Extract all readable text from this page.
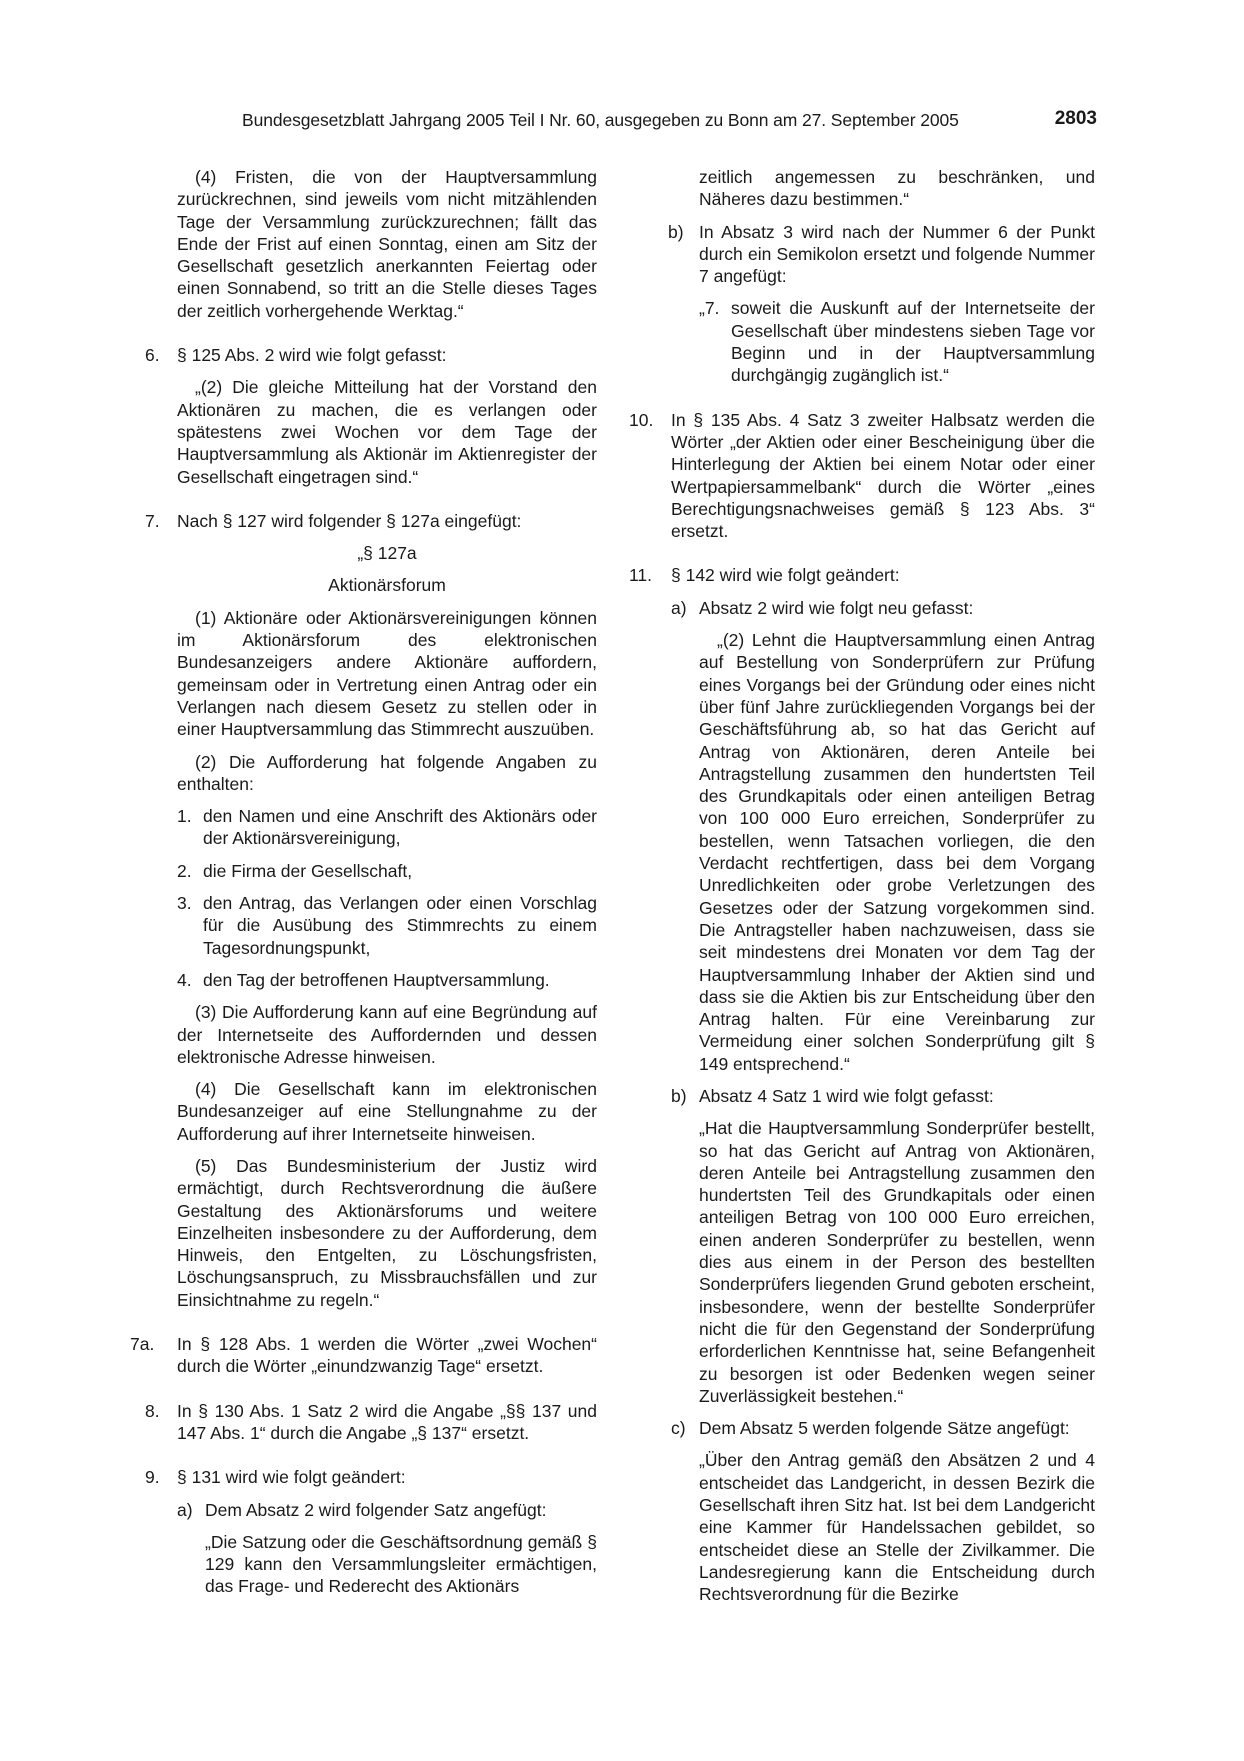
Bundesgesetzblatt Jahrgang 2005 Teil I Nr. 60, ausgegeben zu Bonn am 27. September 2005	2803

(4) Fristen, die von der Hauptversammlung zurückrechnen, sind jeweils vom nicht mitzählenden Tage der Versammlung zurückzurechnen; fällt das Ende der Frist auf einen Sonntag, einen am Sitz der Gesellschaft gesetzlich anerkannten Feiertag oder einen Sonnabend, so tritt an die Stelle dieses Tages der zeitlich vorhergehende Werktag.“

6. § 125 Abs. 2 wird wie folgt gefasst:

„(2) Die gleiche Mitteilung hat der Vorstand den Aktionären zu machen, die es verlangen oder spätestens zwei Wochen vor dem Tage der Hauptversammlung als Aktionär im Aktienregister der Gesellschaft eingetragen sind.“

7. Nach § 127 wird folgender § 127a eingefügt:

„§ 127a

Aktionärsforum

(1) Aktionäre oder Aktionärsvereinigungen können im Aktionärsforum des elektronischen Bundesanzeigers andere Aktionäre auffordern, gemeinsam oder in Vertretung einen Antrag oder ein Verlangen nach diesem Gesetz zu stellen oder in einer Hauptversammlung das Stimmrecht auszuüben.

(2) Die Aufforderung hat folgende Angaben zu enthalten:

1. den Namen und eine Anschrift des Aktionärs oder der Aktionärsvereinigung,

2. die Firma der Gesellschaft,

3. den Antrag, das Verlangen oder einen Vorschlag für die Ausübung des Stimmrechts zu einem Tagesordnungspunkt,

4. den Tag der betroffenen Hauptversammlung.

(3) Die Aufforderung kann auf eine Begründung auf der Internetseite des Auffordernden und dessen elektronische Adresse hinweisen.

(4) Die Gesellschaft kann im elektronischen Bundesanzeiger auf eine Stellungnahme zu der Aufforderung auf ihrer Internetseite hinweisen.

(5) Das Bundesministerium der Justiz wird ermächtigt, durch Rechtsverordnung die äußere Gestaltung des Aktionärsforums und weitere Einzelheiten insbesondere zu der Aufforderung, dem Hinweis, den Entgelten, zu Löschungsfristen, Löschungsanspruch, zu Missbrauchsfällen und zur Einsichtnahme zu regeln.“

7a. In § 128 Abs. 1 werden die Wörter „zwei Wochen“ durch die Wörter „einundzwanzig Tage“ ersetzt.

8. In § 130 Abs. 1 Satz 2 wird die Angabe „§§ 137 und 147 Abs. 1“ durch die Angabe „§ 137“ ersetzt.

9. § 131 wird wie folgt geändert:

a) Dem Absatz 2 wird folgender Satz angefügt:

„Die Satzung oder die Geschäftsordnung gemäß § 129 kann den Versammlungsleiter ermächtigen, das Frage- und Rederecht des Aktionärs

zeitlich angemessen zu beschränken, und Näheres dazu bestimmen.“

b) In Absatz 3 wird nach der Nummer 6 der Punkt durch ein Semikolon ersetzt und folgende Nummer 7 angefügt:

„7. soweit die Auskunft auf der Internetseite der Gesellschaft über mindestens sieben Tage vor Beginn und in der Hauptversammlung durchgängig zugänglich ist.“

10. In § 135 Abs. 4 Satz 3 zweiter Halbsatz werden die Wörter „der Aktien oder einer Bescheinigung über die Hinterlegung der Aktien bei einem Notar oder einer Wertpapiersammelbank“ durch die Wörter „eines Berechtigungsnachweises gemäß § 123 Abs. 3“ ersetzt.

11. § 142 wird wie folgt geändert:

a) Absatz 2 wird wie folgt neu gefasst:

„(2) Lehnt die Hauptversammlung einen Antrag auf Bestellung von Sonderprüfern zur Prüfung eines Vorgangs bei der Gründung oder eines nicht über fünf Jahre zurückliegenden Vorgangs bei der Geschäftsführung ab, so hat das Gericht auf Antrag von Aktionären, deren Anteile bei Antragstellung zusammen den hundertsten Teil des Grundkapitals oder einen anteiligen Betrag von 100 000 Euro erreichen, Sonderprüfer zu bestellen, wenn Tatsachen vorliegen, die den Verdacht rechtfertigen, dass bei dem Vorgang Unredlichkeiten oder grobe Verletzungen des Gesetzes oder der Satzung vorgekommen sind. Die Antragsteller haben nachzuweisen, dass sie seit mindestens drei Monaten vor dem Tag der Hauptversammlung Inhaber der Aktien sind und dass sie die Aktien bis zur Entscheidung über den Antrag halten. Für eine Vereinbarung zur Vermeidung einer solchen Sonderprüfung gilt § 149 entsprechend.“

b) Absatz 4 Satz 1 wird wie folgt gefasst:

„Hat die Hauptversammlung Sonderprüfer bestellt, so hat das Gericht auf Antrag von Aktionären, deren Anteile bei Antragstellung zusammen den hundertsten Teil des Grundkapitals oder einen anteiligen Betrag von 100 000 Euro erreichen, einen anderen Sonderprüfer zu bestellen, wenn dies aus einem in der Person des bestellten Sonderprüfers liegenden Grund geboten erscheint, insbesondere, wenn der bestellte Sonderprüfer nicht die für den Gegenstand der Sonderprüfung erforderlichen Kenntnisse hat, seine Befangenheit zu besorgen ist oder Bedenken wegen seiner Zuverlässigkeit bestehen.“

c) Dem Absatz 5 werden folgende Sätze angefügt:

„Über den Antrag gemäß den Absätzen 2 und 4 entscheidet das Landgericht, in dessen Bezirk die Gesellschaft ihren Sitz hat. Ist bei dem Landgericht eine Kammer für Handelssachen gebildet, so entscheidet diese an Stelle der Zivilkammer. Die Landesregierung kann die Entscheidung durch Rechtsverordnung für die Bezirke
